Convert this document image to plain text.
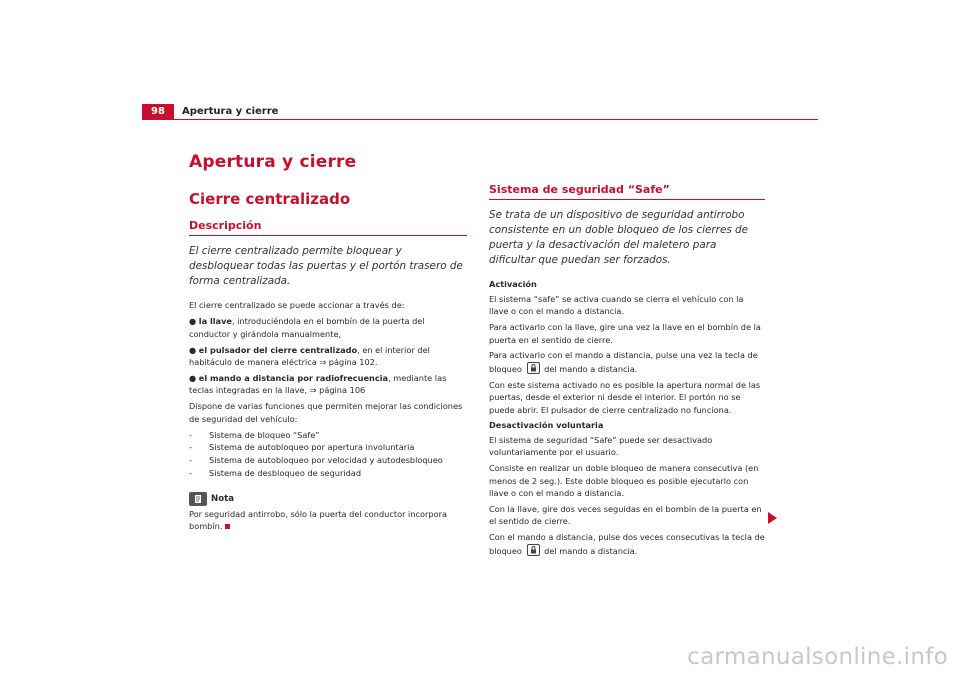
98	Apertura y cierre
Apertura y cierre
Cierre centralizado
Descripción
El cierre centralizado permite bloquear y desbloquear todas las puertas y el portón trasero de forma centralizada.

El cierre centralizado se puede accionar a través de:

● la llave, introduciéndola en el bombín de la puerta del conductor y girándola manualmente,

● el pulsador del cierre centralizado, en el interior del habitáculo de manera eléctrica ⇒ página 102.

● el mando a distancia por radiofrecuencia, mediante las teclas integradas en la llave, ⇒ página 106

Dispone de varias funciones que permiten mejorar las condiciones de seguridad del vehículo:

- Sistema de bloqueo “Safe”

- Sistema de autobloqueo por apertura involuntaria

- Sistema de autobloqueo por velocidad y autodesbloqueo

- Sistema de desbloqueo de seguridad

Nota

Por seguridad antirrobo, sólo la puerta del conductor incorpora bombín.

Sistema de seguridad “Safe”
Se trata de un dispositivo de seguridad antirrobo consistente en un doble bloqueo de los cierres de puerta y la desactivación del maletero para dificultar que puedan ser forzados.

Activación

El sistema “safe” se activa cuando se cierra el vehículo con la llave o con el mando a distancia.

Para activarlo con la llave, gire una vez la llave en el bombín de la puerta en el sentido de cierre.

Para activarlo con el mando a distancia, pulse una vez la tecla de bloqueo	del mando a distancia.

Con este sistema activado no es posible la apertura normal de las puertas, desde el exterior ni desde el interior. El portón no se puede abrir. El pulsador de cierre centralizado no funciona.

Desactivación voluntaria

El sistema de seguridad “Safe” puede ser desactivado voluntariamente por el usuario.

Consiste en realizar un doble bloqueo de manera consecutiva (en menos de 2 seg.). Este doble bloqueo es posible ejecutarlo con llave o con el mando a distancia.

Con la llave, gire dos veces seguidas en el bombín de la puerta en el sentido de cierre.

Con el mando a distancia, pulse dos veces consecutivas la tecla de bloqueo	del mando a distancia.

carmanualsonline.info
